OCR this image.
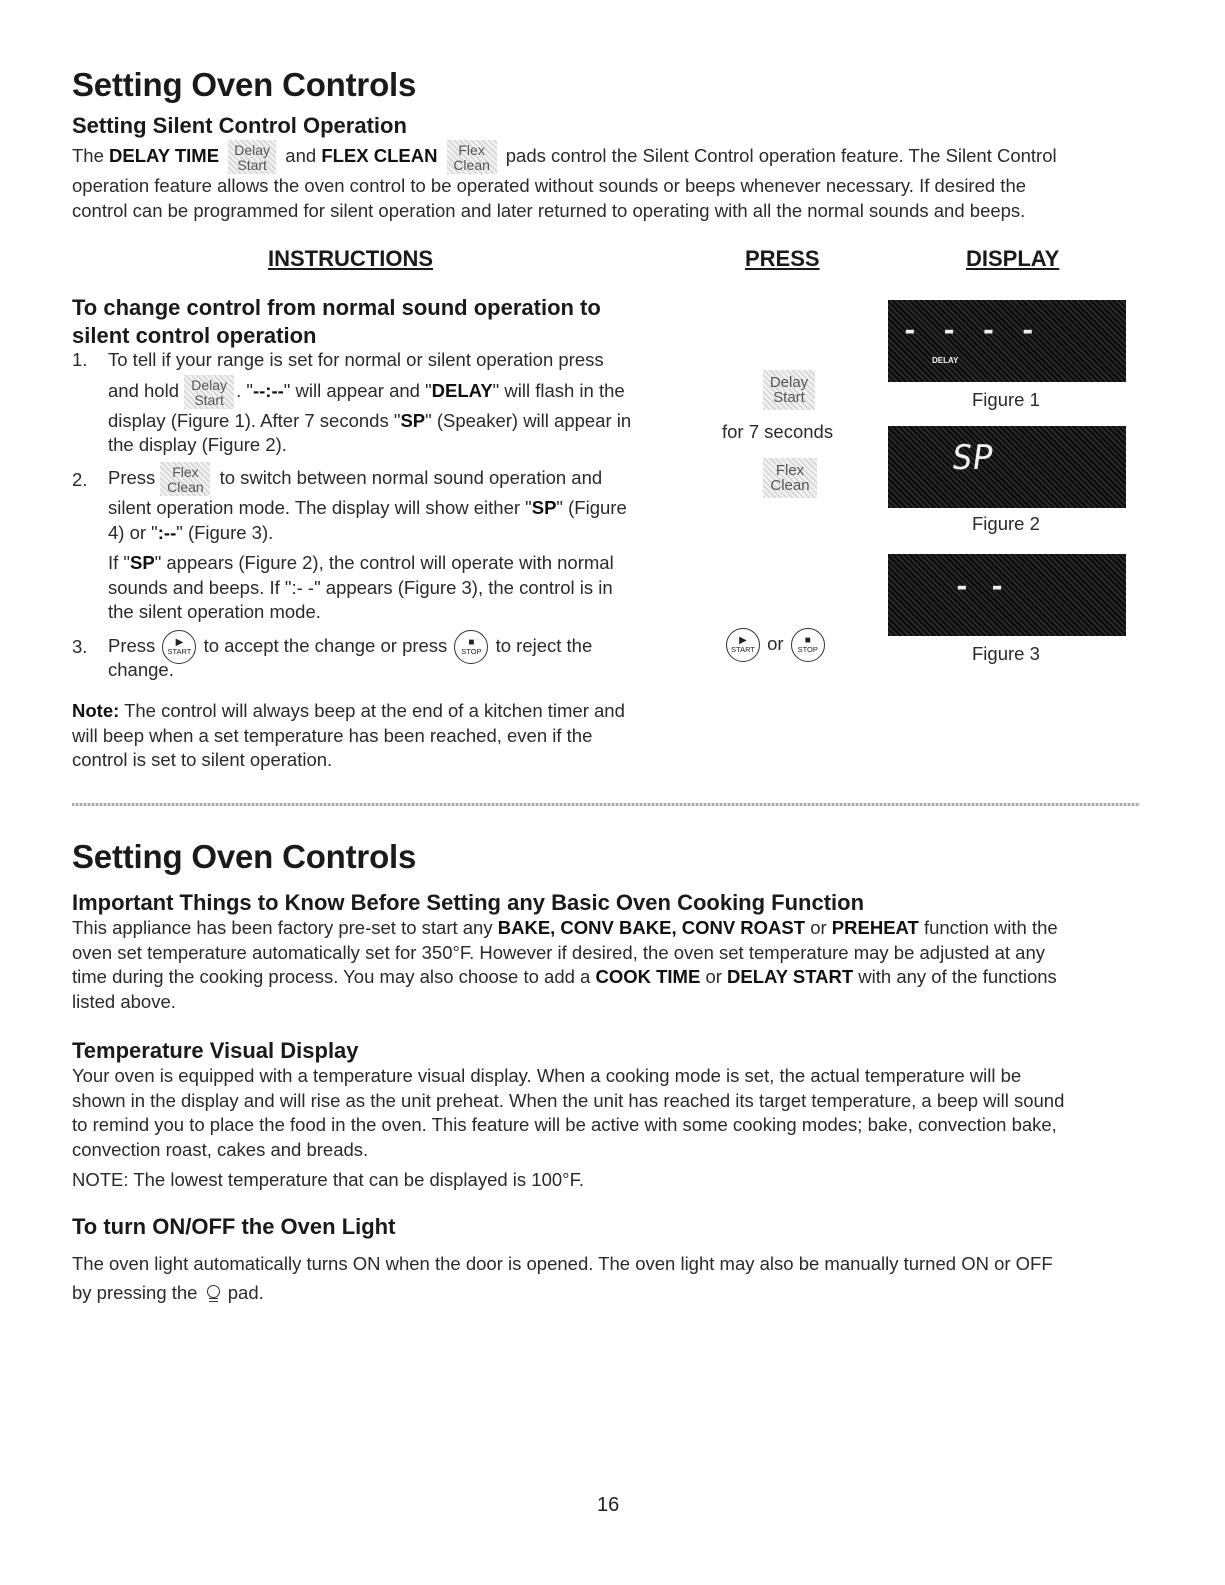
Setting Oven Controls
Setting Silent Control Operation
The DELAY TIME	Delay
Start and FLEX CLEAN	Flex
Clean pads control the Silent Control operation feature. The Silent Control
operation feature allows the oven control to be operated without sounds or beeps whenever necessary. If desired the
control can be programmed for silent operation and later returned to operating with all the normal sounds and beeps.
INSTRUCTIONS	PRESS	DISPLAY
To change control from normal sound operation to
silent control operation
1. To tell if your range is set for normal or silent operation press
and hold Delay
Start . "--:--" will appear and "DELAY" will flash in the
display (Figure 1). After 7 seconds "SP" (Speaker) will appear in
the display (Figure 2).
2. Press Flex
Clean to switch between normal sound operation and
silent operation mode. The display will show either "SP" (Figure
4) or ":--" (Figure 3).
If "SP" appears (Figure 2), the control will operate with normal
sounds and beeps. If ":- -" appears (Figure 3), the control is in
the silent operation mode.
3. Press	▶
START to accept the change or press	■
STOP to reject the
change.
Note: The control will always beep at the end of a kitchen timer and
will beep when a set temperature has been reached, even if the
control is set to silent operation.
Delay
Start
for 7 seconds
Flex
Clean
▶
START or	■
STOP
- - - -
DELAY
Figure 1
SP
Figure 2
- -
Figure 3
Setting Oven Controls
Important Things to Know Before Setting any Basic Oven Cooking Function
This appliance has been factory pre-set to start any BAKE, CONV BAKE, CONV ROAST or PREHEAT function with the
oven set temperature automatically set for 350°F. However if desired, the oven set temperature may be adjusted at any
time during the cooking process. You may also choose to add a COOK TIME or DELAY START with any of the functions
listed above.
Temperature Visual Display
Your oven is equipped with a temperature visual display. When a cooking mode is set, the actual temperature will be
shown in the display and will rise as the unit preheat. When the unit has reached its target temperature, a beep will sound
to remind you to place the food in the oven. This feature will be active with some cooking modes; bake, convection bake,
convection roast, cakes and breads.
NOTE: The lowest temperature that can be displayed is 100°F.
To turn ON/OFF the Oven Light
The oven light automatically turns ON when the door is opened. The oven light may also be manually turned ON or OFF
by pressing the
pad.
16
